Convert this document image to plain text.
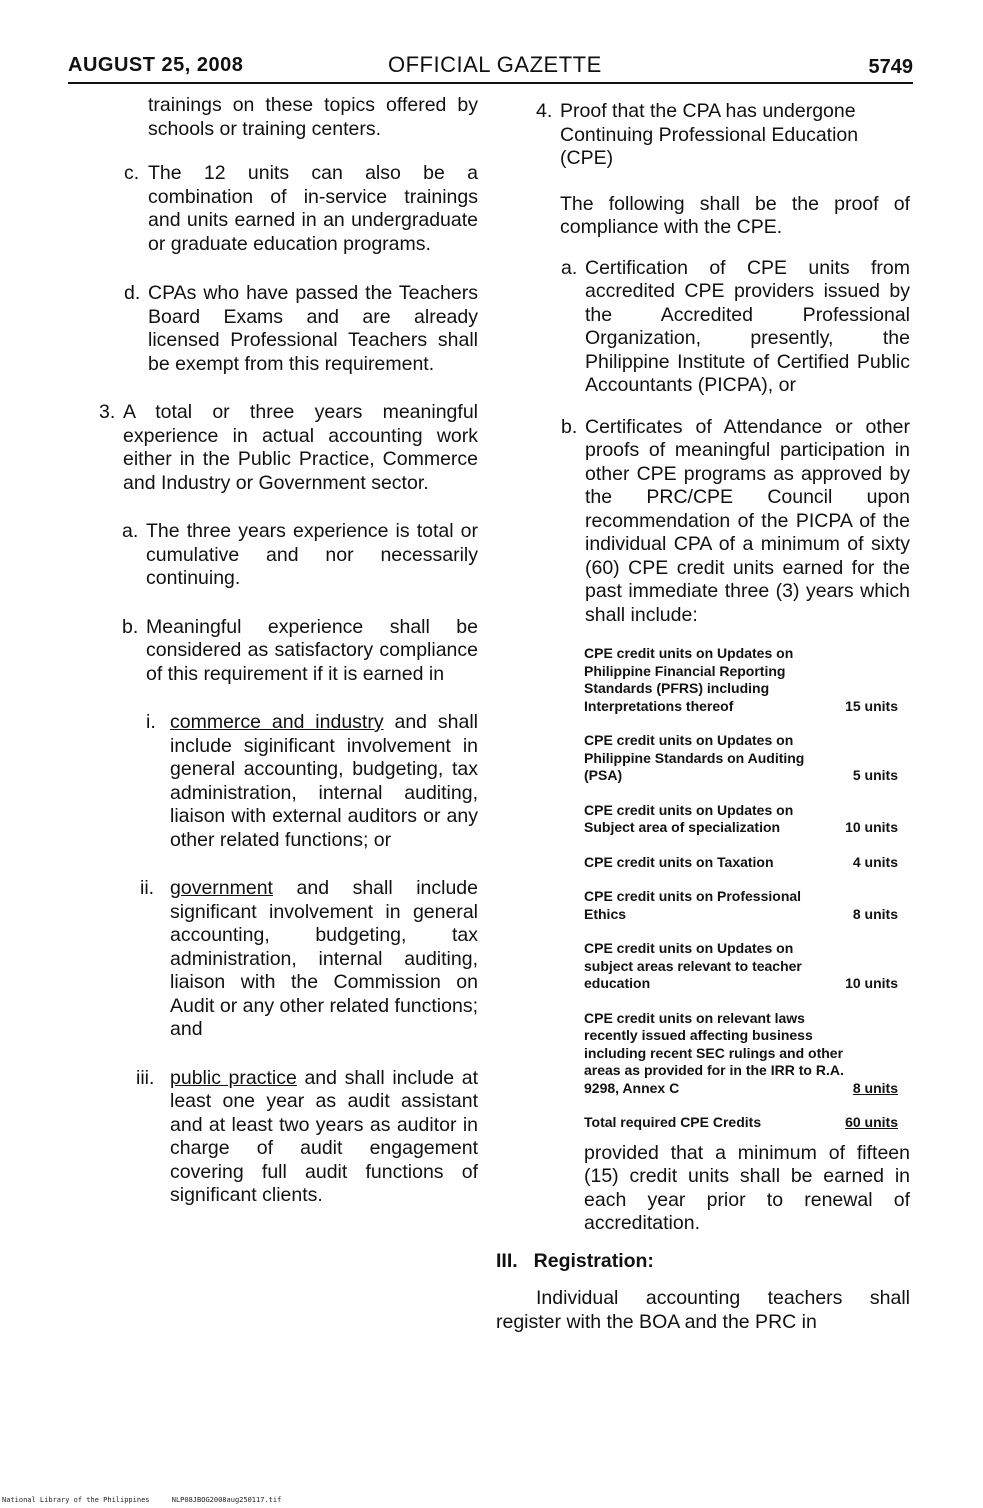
AUGUST 25, 2008	OFFICIAL GAZETTE	5749

trainings on these topics offered by schools or training centers.

c. The 12 units can also be a combination of in-service trainings and units earned in an undergraduate or graduate education programs.

d. CPAs who have passed the Teachers Board Exams and are already licensed Professional Teachers shall be exempt from this requirement.

3. A total or three years meaningful experience in actual accounting work either in the Public Practice, Commerce and Industry or Government sector.

a. The three years experience is total or cumulative and nor necessarily continuing.

b. Meaningful experience shall be considered as satisfactory compliance of this requirement if it is earned in

i. commerce and industry and shall include siginificant involvement in general accounting, budgeting, tax administration, internal auditing, liaison with external auditors or any other related functions; or

ii. government and shall include significant involvement in general accounting, budgeting, tax administration, internal auditing, liaison with the Commission on Audit or any other related functions; and

iii. public practice and shall include at least one year as audit assistant and at least two years as auditor in charge of audit engagement covering full audit functions of significant clients.

4. Proof that the CPA has undergone Continuing Professional Education (CPE)

The following shall be the proof of compliance with the CPE.

a. Certification of CPE units from accredited CPE providers issued by the Accredited Professional Organization, presently, the Philippine Institute of Certified Public Accountants (PICPA), or

b. Certificates of Attendance or other proofs of meaningful participation in other CPE programs as approved by the PRC/CPE Council upon recommendation of the PICPA of the individual CPA of a minimum of sixty (60) CPE credit units earned for the past immediate three (3) years which shall include:

CPE credit units on Updates on Philippine Financial Reporting Standards (PFRS) including Interpretations thereof	15 units
CPE credit units on Updates on Philippine Standards on Auditing (PSA)	5 units
CPE credit units on Updates on Subject area of specialization	10 units
CPE credit units on Taxation	4 units
CPE credit units on Professional Ethics	8 units
CPE credit units on Updates on subject areas relevant to teacher education	10 units
CPE credit units on relevant laws recently issued affecting business including recent SEC rulings and other areas as provided for in the IRR to R.A. 9298, Annex C	8 units
Total required CPE Credits	60 units

provided that a minimum of fifteen (15) credit units shall be earned in each year prior to renewal of accreditation.

III. Registration:

Individual accounting teachers shall register with the BOA and the PRC in

National Library of the Philippines	NLP08JBOG2008aug250117.tif
